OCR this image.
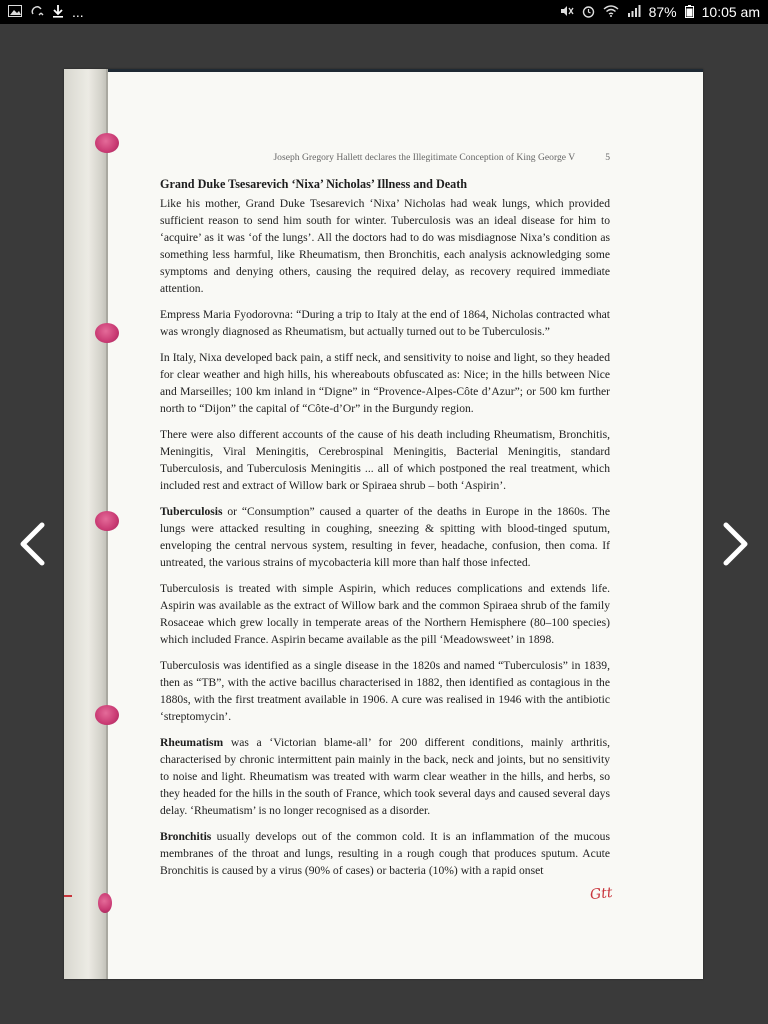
...	87% 10:05 am
Joseph Gregory Hallett declares the Illegitimate Conception of King George V	5
Grand Duke Tsesarevich ‘Nixa’ Nicholas’ Illness and Death

Like his mother, Grand Duke Tsesarevich ‘Nixa’ Nicholas had weak lungs, which provided sufficient reason to send him south for winter. Tuberculosis was an ideal disease for him to ‘acquire’ as it was ‘of the lungs’. All the doctors had to do was misdiagnose Nixa’s condition as something less harmful, like Rheumatism, then Bronchitis, each analysis acknowledging some symptoms and denying others, causing the required delay, as recovery required immediate attention.

Empress Maria Fyodorovna: “During a trip to Italy at the end of 1864, Nicholas contracted what was wrongly diagnosed as Rheumatism, but actually turned out to be Tuberculosis.”

In Italy, Nixa developed back pain, a stiff neck, and sensitivity to noise and light, so they headed for clear weather and high hills, his whereabouts obfuscated as: Nice; in the hills between Nice and Marseilles; 100 km inland in “Digne” in “Provence-Alpes-Côte d’Azur”; or 500 km further north to “Dijon” the capital of “Côte-d’Or” in the Burgundy region.

There were also different accounts of the cause of his death including Rheumatism, Bronchitis, Meningitis, Viral Meningitis, Cerebrospinal Meningitis, Bacterial Meningitis, standard Tuberculosis, and Tuberculosis Meningitis ... all of which postponed the real treatment, which included rest and extract of Willow bark or Spiraea shrub – both ‘Aspirin’.

Tuberculosis or “Consumption” caused a quarter of the deaths in Europe in the 1860s. The lungs were attacked resulting in coughing, sneezing & spitting with blood-tinged sputum, enveloping the central nervous system, resulting in fever, headache, confusion, then coma. If untreated, the various strains of mycobacteria kill more than half those infected.

Tuberculosis is treated with simple Aspirin, which reduces complications and extends life. Aspirin was available as the extract of Willow bark and the common Spiraea shrub of the family Rosaceae which grew locally in temperate areas of the Northern Hemisphere (80–100 species) which included France. Aspirin became available as the pill ‘Meadowsweet’ in 1898.

Tuberculosis was identified as a single disease in the 1820s and named “Tuberculosis” in 1839, then as “TB”, with the active bacillus characterised in 1882, then identified as contagious in the 1880s, with the first treatment available in 1906. A cure was realised in 1946 with the antibiotic ‘streptomycin’.

Rheumatism was a ‘Victorian blame-all’ for 200 different conditions, mainly arthritis, characterised by chronic intermittent pain mainly in the back, neck and joints, but no sensitivity to noise and light. Rheumatism was treated with warm clear weather in the hills, and herbs, so they headed for the hills in the south of France, which took several days and caused several days delay. ‘Rheumatism’ is no longer recognised as a disorder.

Bronchitis usually develops out of the common cold. It is an inflammation of the mucous membranes of the throat and lungs, resulting in a rough cough that produces sputum. Acute Bronchitis is caused by a virus (90% of cases) or bacteria (10%) with a rapid onset

Gtt
